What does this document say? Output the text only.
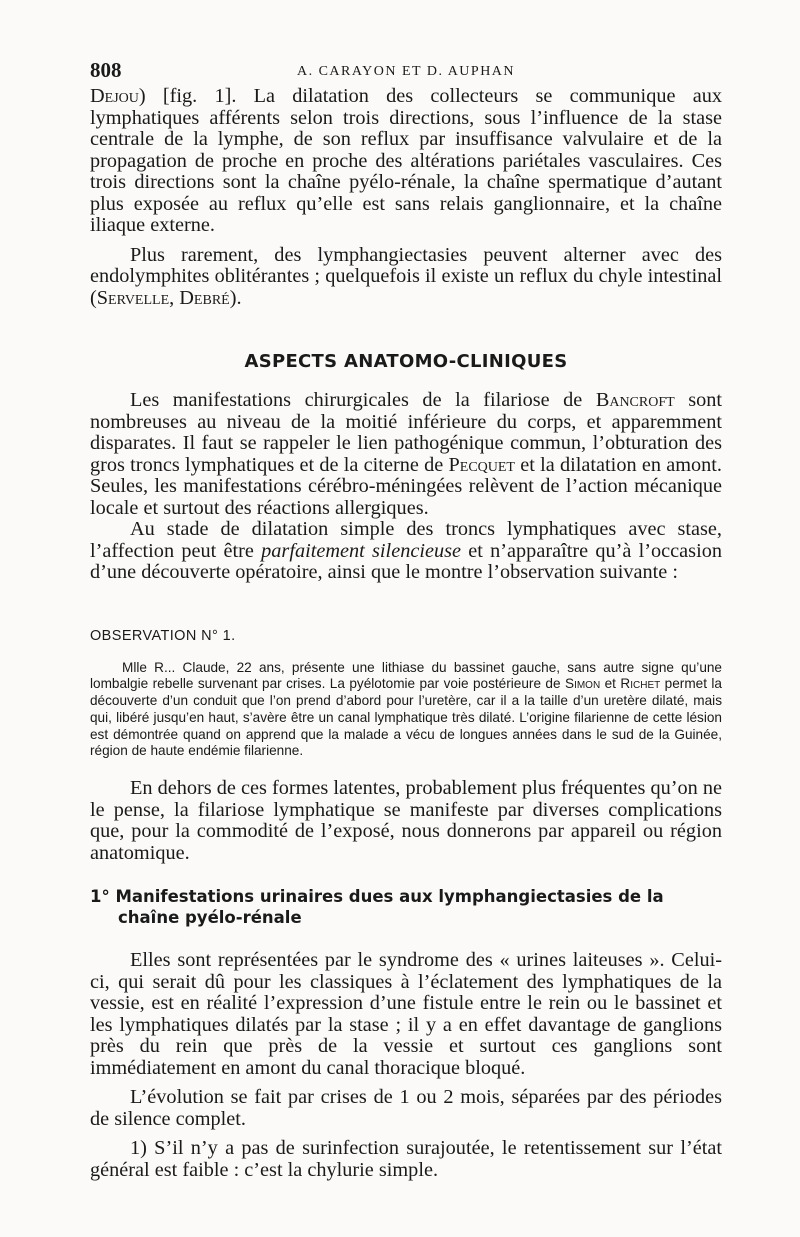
808	A. CARAYON ET D. AUPHAN

Dejou) [fig. 1]. La dilatation des collecteurs se communique aux lymphatiques afférents selon trois directions, sous l’influence de la stase centrale de la lymphe, de son reflux par insuffisance valvulaire et de la propagation de proche en proche des altérations pariétales vasculaires. Ces trois directions sont la chaîne pyélo-rénale, la chaîne spermatique d’autant plus exposée au reflux qu’elle est sans relais ganglionnaire, et la chaîne iliaque externe.

Plus rarement, des lymphangiectasies peuvent alterner avec des endolymphites oblitérantes ; quelquefois il existe un reflux du chyle intestinal (Servelle, Debré).

ASPECTS ANATOMO-CLINIQUES

Les manifestations chirurgicales de la filariose de Bancroft sont nombreuses au niveau de la moitié inférieure du corps, et apparemment disparates. Il faut se rappeler le lien pathogénique commun, l’obturation des gros troncs lymphatiques et de la citerne de Pecquet et la dilatation en amont. Seules, les manifestations cérébro-méningées relèvent de l’action mécanique locale et surtout des réactions allergiques.

Au stade de dilatation simple des troncs lymphatiques avec stase, l’affection peut être parfaitement silencieuse et n’apparaître qu’à l’occasion d’une découverte opératoire, ainsi que le montre l’observation suivante :

OBSERVATION N° 1.

Mlle R... Claude, 22 ans, présente une lithiase du bassinet gauche, sans autre signe qu’une lombalgie rebelle survenant par crises. La pyélotomie par voie postérieure de Simon et Richet permet la découverte d’un conduit que l’on prend d’abord pour l’uretère, car il a la taille d’un uretère dilaté, mais qui, libéré jusqu’en haut, s’avère être un canal lymphatique très dilaté. L’origine filarienne de cette lésion est démontrée quand on apprend que la malade a vécu de longues années dans le sud de la Guinée, région de haute endémie filarienne.

En dehors de ces formes latentes, probablement plus fréquentes qu’on ne le pense, la filariose lymphatique se manifeste par diverses complications que, pour la commodité de l’exposé, nous donnerons par appareil ou région anatomique.

1° Manifestations urinaires dues aux lymphangiectasies de la chaîne pyélo-rénale

Elles sont représentées par le syndrome des « urines laiteuses ». Celui-ci, qui serait dû pour les classiques à l’éclatement des lymphatiques de la vessie, est en réalité l’expression d’une fistule entre le rein ou le bassinet et les lymphatiques dilatés par la stase ; il y a en effet davantage de ganglions près du rein que près de la vessie et surtout ces ganglions sont immédiatement en amont du canal thoracique bloqué.

L’évolution se fait par crises de 1 ou 2 mois, séparées par des périodes de silence complet.

1) S’il n’y a pas de surinfection surajoutée, le retentissement sur l’état général est faible : c’est la chylurie simple.
